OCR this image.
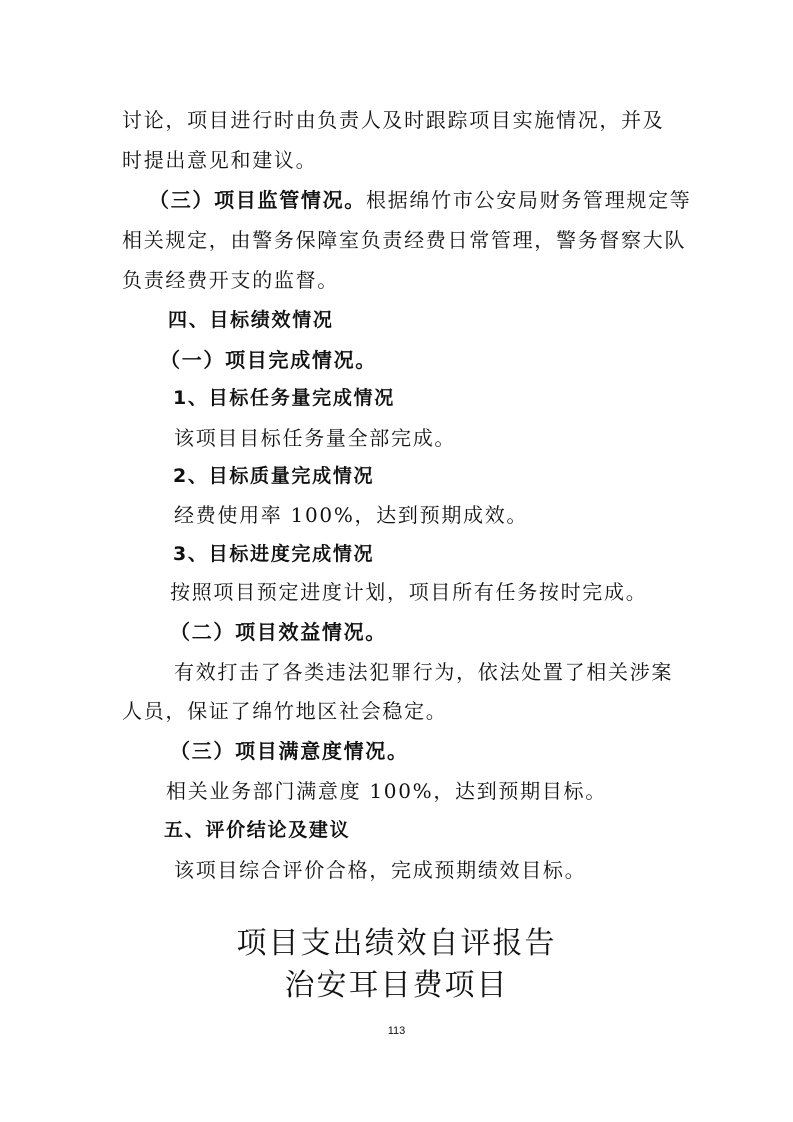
讨论，项目进行时由负责人及时跟踪项目实施情况，并及

时提出意见和建议。

（三）项目监管情况。根据绵竹市公安局财务管理规定等

相关规定，由警务保障室负责经费日常管理，警务督察大队

负责经费开支的监督。

四、目标绩效情况

（一）项目完成情况。

1、目标任务量完成情况

该项目目标任务量全部完成。

2、目标质量完成情况

经费使用率 100%，达到预期成效。

3、目标进度完成情况

按照项目预定进度计划，项目所有任务按时完成。

（二）项目效益情况。

有效打击了各类违法犯罪行为，依法处置了相关涉案

人员，保证了绵竹地区社会稳定。

（三）项目满意度情况。

相关业务部门满意度 100%，达到预期目标。

五、评价结论及建议

该项目综合评价合格，完成预期绩效目标。

项目支出绩效自评报告
治安耳目费项目
113
